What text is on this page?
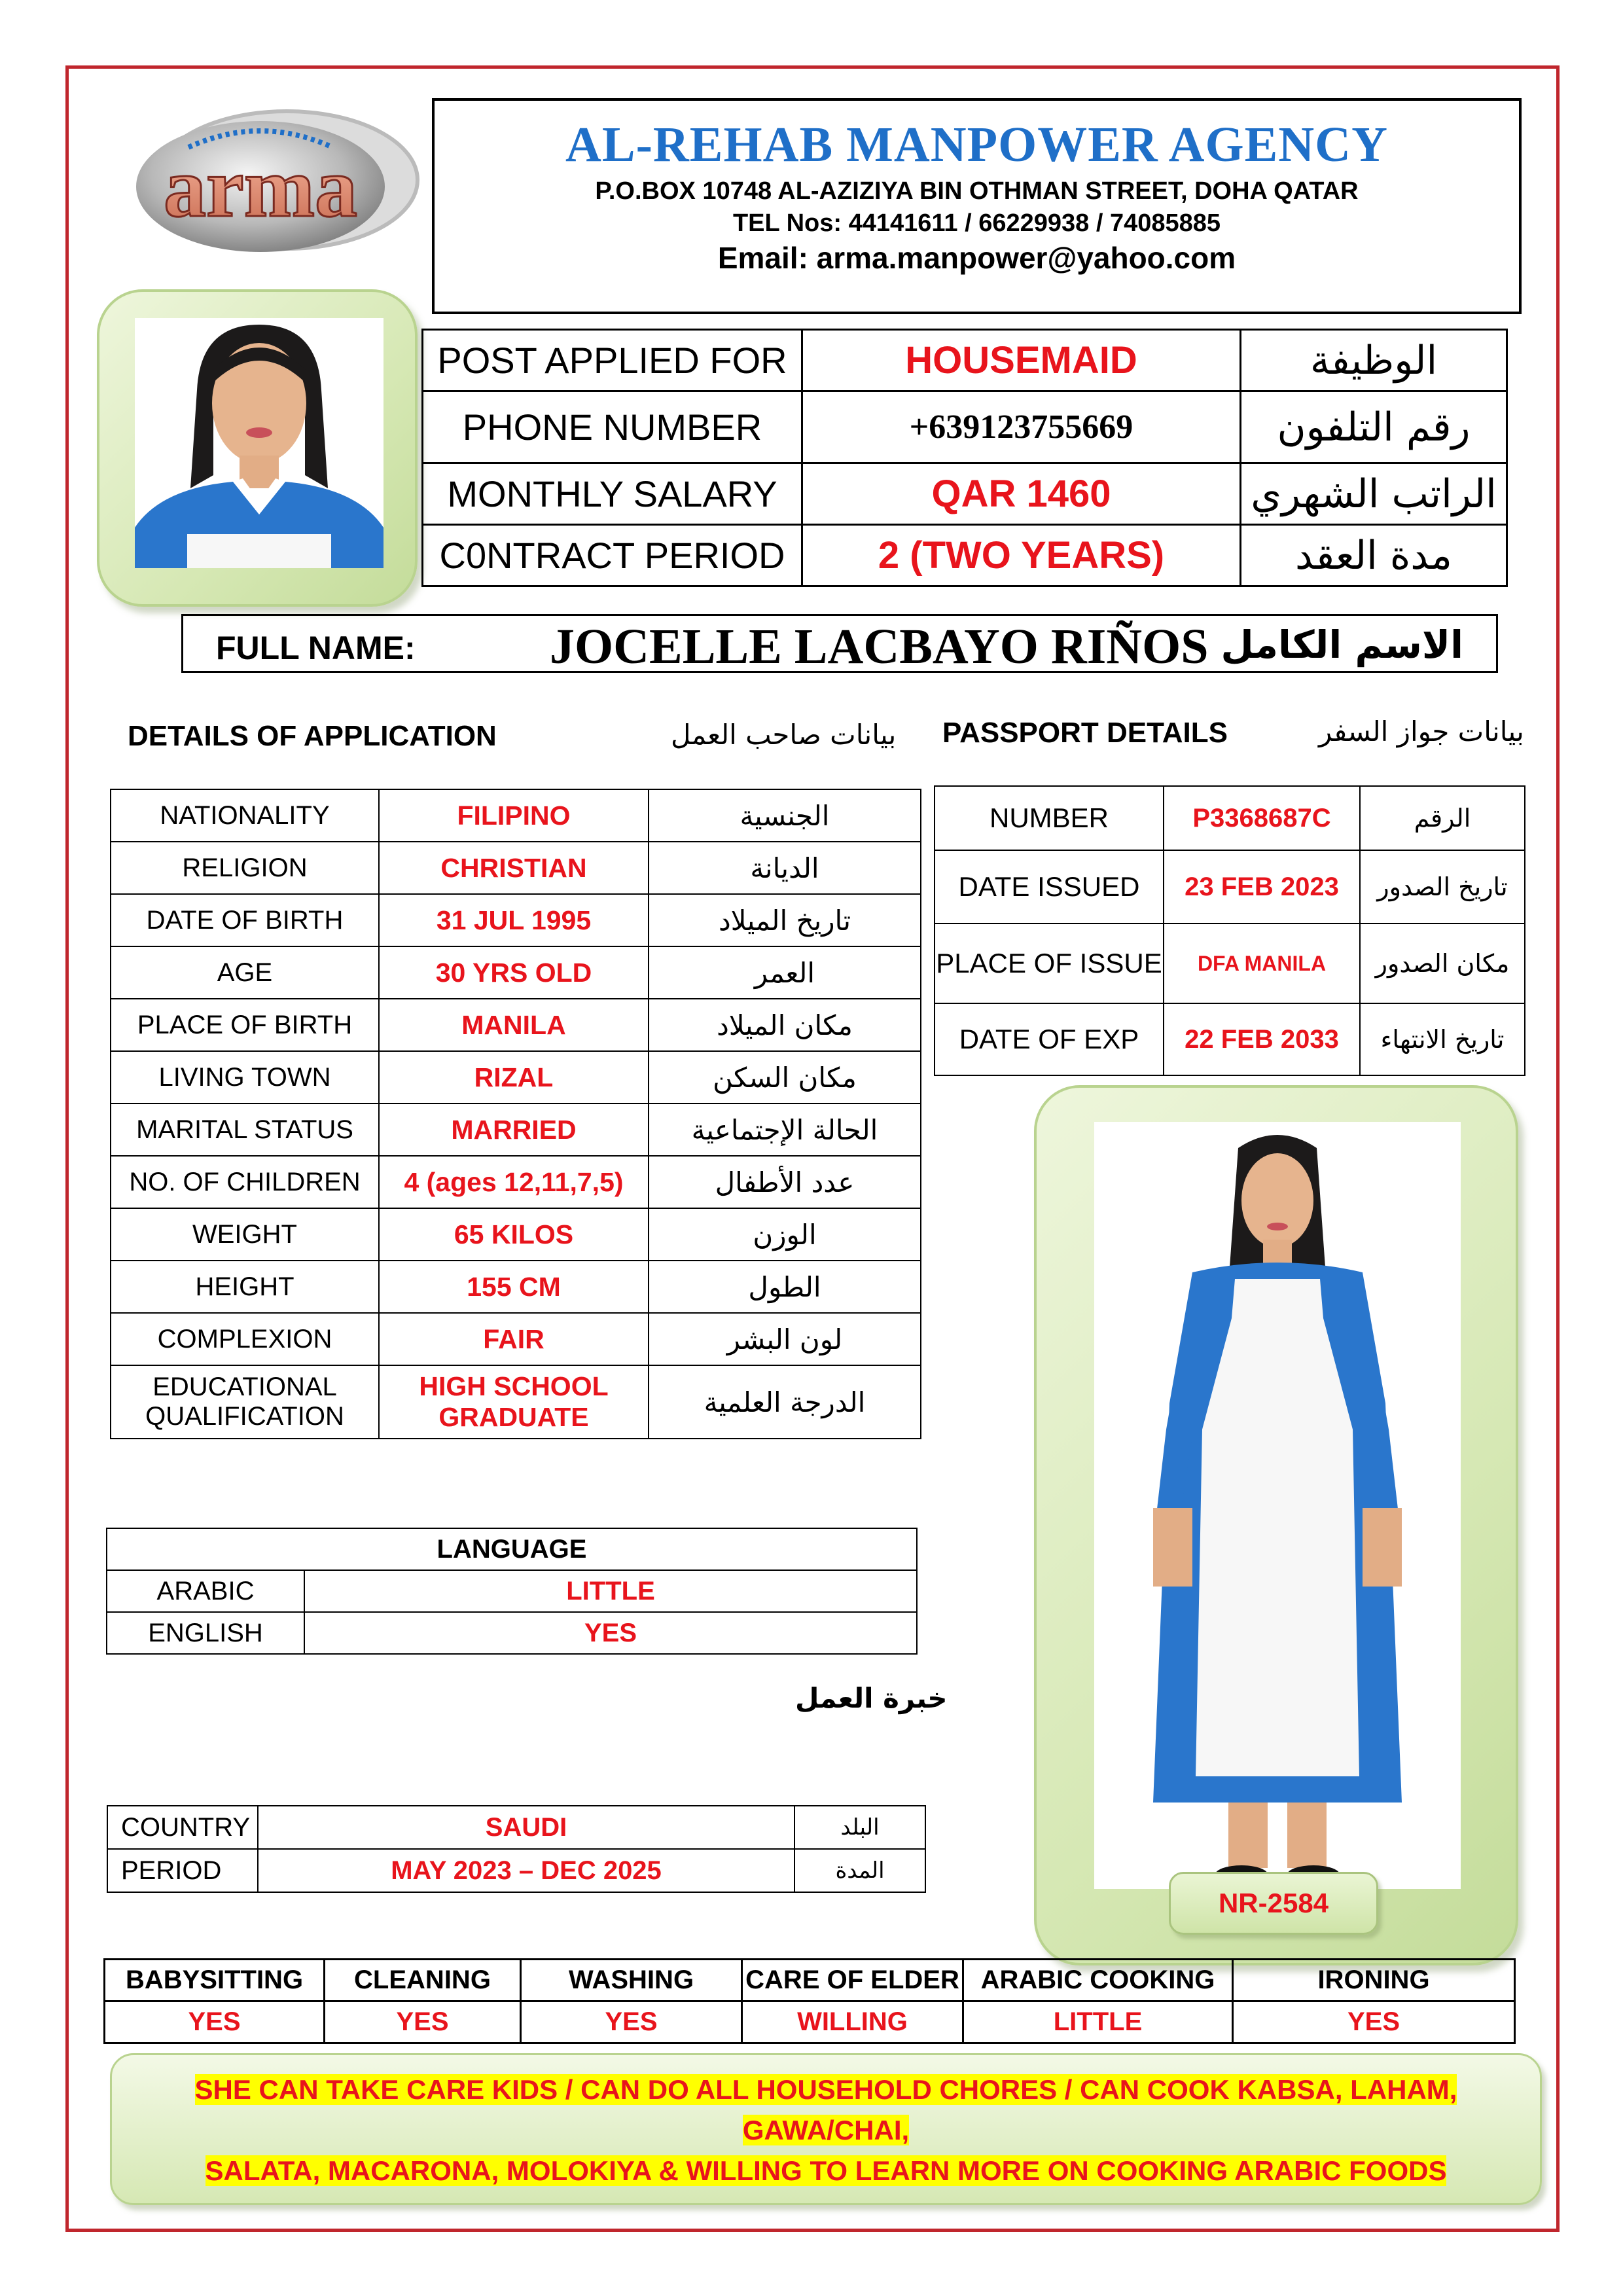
arma	AL-REHAB MANPOWER AGENCY
P.O.BOX 10748 AL-AZIZIYA BIN OTHMAN STREET, DOHA QATAR
TEL Nos: 44141611 / 66229938 / 74085885
Email: arma.manpower@yahoo.com
POST APPLIED FOR	HOUSEMAID	الوظيفة
PHONE NUMBER	+639123755669	رقم التلفون
MONTHLY SALARY	QAR 1460	الراتب الشهري
C0NTRACT PERIOD	2 (TWO YEARS)	مدة العقد
FULL NAME:	JOCELLE LACBAYO RIÑOS الاسم الكامل
DETAILS OF APPLICATION	بيانات صاحب العمل PASSPORT DETAILS	بيانات جواز السفر
NATIONALITY	FILIPINO	الجنسية
RELIGION	CHRISTIAN	الديانة
DATE OF BIRTH	31 JUL 1995	تاريخ الميلاد
AGE	30 YRS OLD	العمر
PLACE OF BIRTH	MANILA	مكان الميلاد
LIVING TOWN	RIZAL	مكان السكن
MARITAL STATUS	MARRIED	الحالة الإجتماعية
NO. OF CHILDREN	4 (ages 12,11,7,5)	عدد الأطفال
WEIGHT	65 KILOS	الوزن
HEIGHT	155 CM	الطول
COMPLEXION	FAIR	لون البشر
EDUCATIONAL QUALIFICATION	HIGH SCHOOL GRADUATE	الدرجة العلمية
NUMBER	P3368687C	الرقم
DATE ISSUED	23 FEB 2023	تاريخ الصدور
PLACE OF ISSUE	DFA MANILA	مكان الصدور
DATE OF EXP	22 FEB 2033	تاريخ الانتهاء
NR-2584
LANGUAGE	
ARABIC	LITTLE
ENGLISH	YES
خبرة العمل
COUNTRY	SAUDI	البلد
PERIOD	MAY 2023 – DEC 2025	المدة
BABYSITTING	CLEANING	WASHING	CARE OF ELDER	ARABIC COOKING	IRONING
YES	YES	YES	WILLING	LITTLE	YES
SHE CAN TAKE CARE KIDS / CAN DO ALL HOUSEHOLD CHORES / CAN COOK KABSA, LAHAM, GAWA/CHAI,
SALATA, MACARONA, MOLOKIYA & WILLING TO LEARN MORE ON COOKING ARABIC FOODS
